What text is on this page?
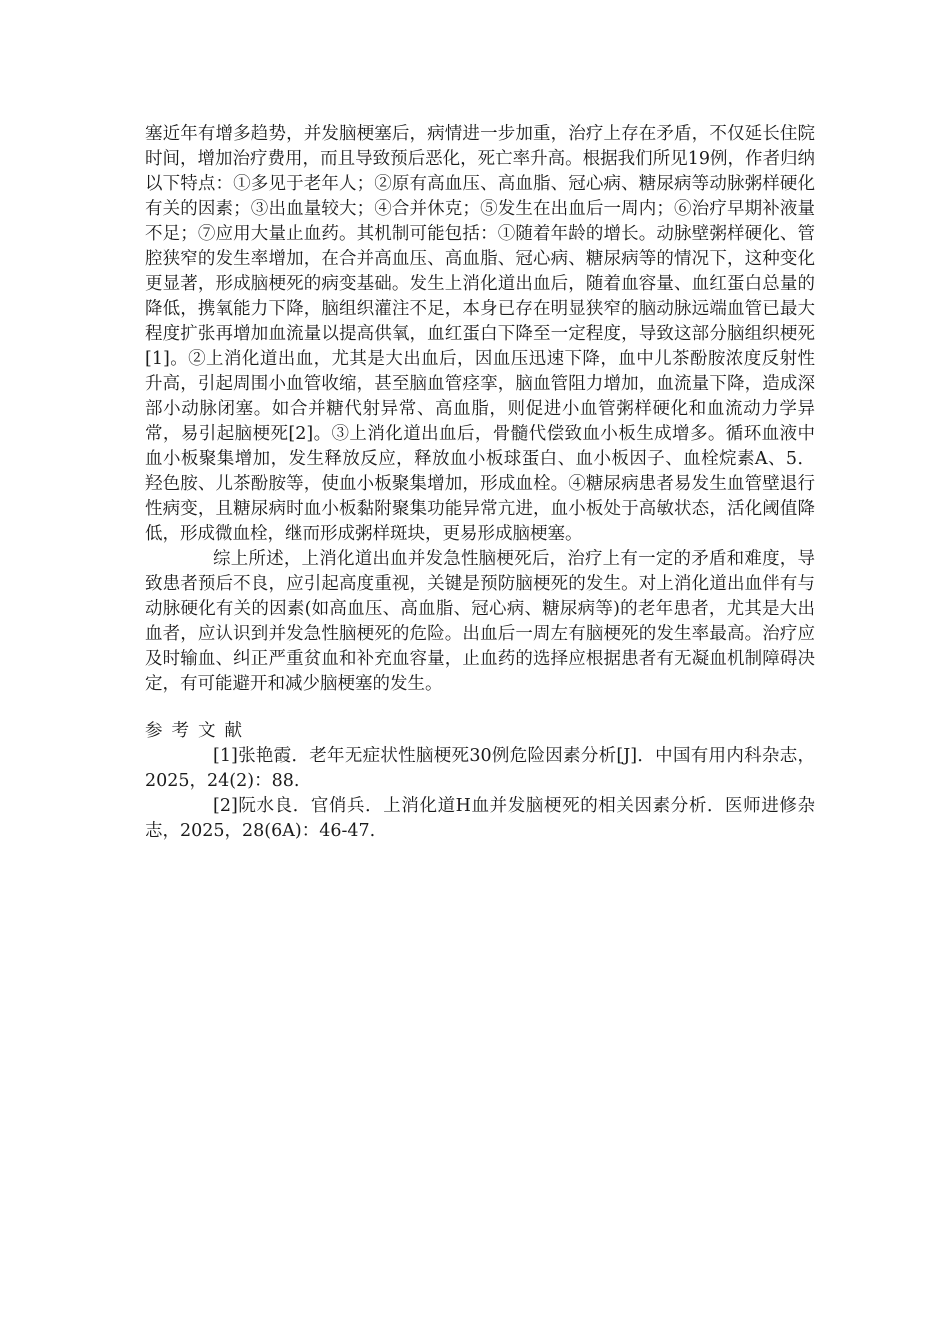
塞近年有增多趋势，并发脑梗塞后，病情进一步加重，治疗上存在矛盾，不仅延长住院时间，增加治疗费用，而且导致预后恶化，死亡率升高。根据我们所见19例，作者归纳以下特点：①多见于老年人；②原有高血压、高血脂、冠心病、糖尿病等动脉粥样硬化有关的因素；③出血量较大；④合并休克；⑤发生在出血后一周内；⑥治疗早期补液量不足；⑦应用大量止血药。其机制可能包括：①随着年龄的增长。动脉壁粥样硬化、管腔狭窄的发生率增加，在合并高血压、高血脂、冠心病、糖尿病等的情况下，这种变化更显著，形成脑梗死的病变基础。发生上消化道出血后，随着血容量、血红蛋白总量的降低，携氧能力下降，脑组织灌注不足，本身已存在明显狭窄的脑动脉远端血管已最大程度扩张再增加血流量以提高供氧，血红蛋白下降至一定程度，导致这部分脑组织梗死[1]。②上消化道出血，尤其是大出血后，因血压迅速下降，血中儿茶酚胺浓度反射性升高，引起周围小血管收缩，甚至脑血管痉挛，脑血管阻力增加，血流量下降，造成深部小动脉闭塞。如合并糖代射异常、高血脂，则促进小血管粥样硬化和血流动力学异常，易引起脑梗死[2]。③上消化道出血后，骨髓代偿致血小板生成增多。循环血液中血小板聚集增加，发生释放反应，释放血小板球蛋白、血小板因子、血栓烷素A、5．羟色胺、儿茶酚胺等，使血小板聚集增加，形成血栓。④糖尿病患者易发生血管壁退行性病变，且糖尿病时血小板黏附聚集功能异常亢进，血小板处于高敏状态，活化阈值降低，形成微血栓，继而形成粥样斑块，更易形成脑梗塞。

综上所述，上消化道出血并发急性脑梗死后，治疗上有一定的矛盾和难度，导致患者预后不良，应引起高度重视，关键是预防脑梗死的发生。对上消化道出血伴有与动脉硬化有关的因素(如高血压、高血脂、冠心病、糖尿病等)的老年患者，尤其是大出血者，应认识到并发急性脑梗死的危险。出血后一周左有脑梗死的发生率最高。治疗应及时输血、纠正严重贫血和补充血容量，止血药的选择应根据患者有无凝血机制障碍决定，有可能避开和减少脑梗塞的发生。

参考文献

[1]张艳霞．老年无症状性脑梗死30例危险因素分析[J]．中国有用内科杂志，2025，24(2)：88.

[2]阮水良．官俏兵．上消化道H血并发脑梗死的相关因素分析．医师进修杂志，2025，28(6A)：46-47.
